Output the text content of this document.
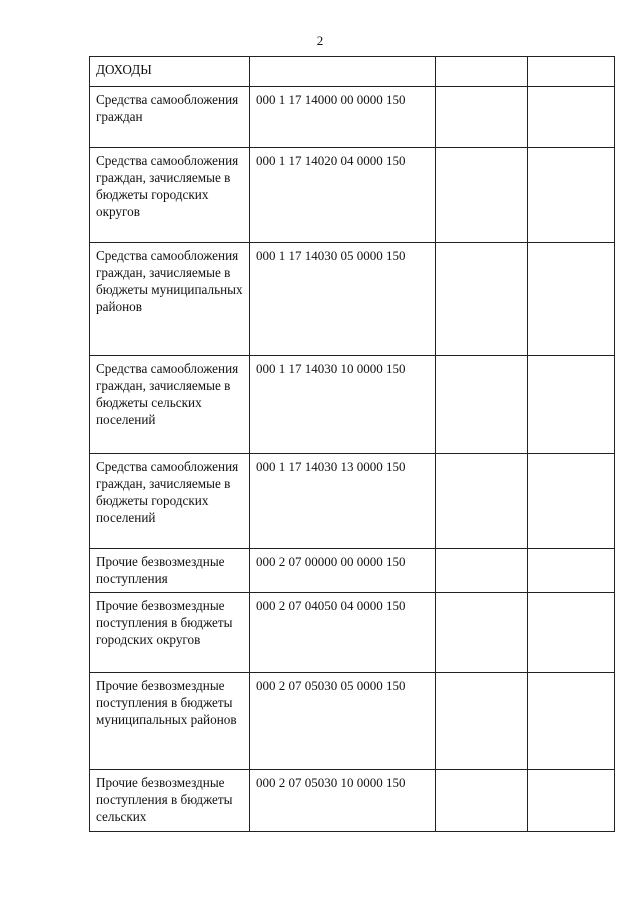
2
ДОХОДЫ			
Средства самообложения граждан	000 1 17 14000 00 0000 150		
Средства самообложения граждан, зачисляемые в бюджеты городских округов	000 1 17 14020 04 0000 150		
Средства самообложения граждан, зачисляемые в бюджеты муниципальных районов	000 1 17 14030 05 0000 150		
Средства самообложения граждан, зачисляемые в бюджеты сельских поселений	000 1 17 14030 10 0000 150		
Средства самообложения граждан, зачисляемые в бюджеты городских поселений	000 1 17 14030 13 0000 150		
Прочие безвозмездные поступления	000 2 07 00000 00 0000 150		
Прочие безвозмездные поступления в бюджеты городских округов	000 2 07 04050 04 0000 150		
Прочие безвозмездные поступления в бюджеты муниципальных районов	000 2 07 05030 05 0000 150		
Прочие безвозмездные поступления в бюджеты сельских	000 2 07 05030 10 0000 150		
